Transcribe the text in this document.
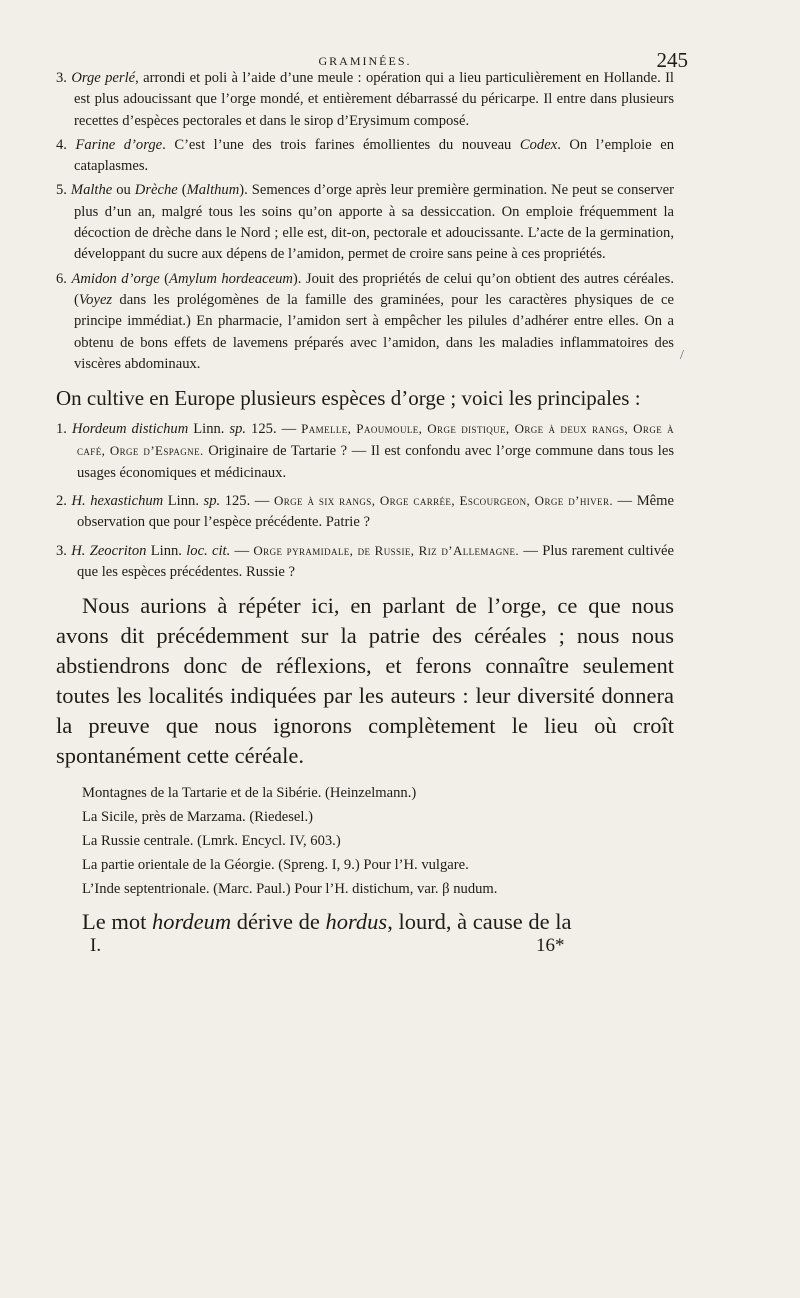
GRAMINÉES.	245

3. Orge perlé, arrondi et poli à l’aide d’une meule : opération qui a lieu particulièrement en Hollande. Il est plus adoucissant que l’orge mondé, et entièrement débarrassé du péricarpe. Il entre dans plusieurs recettes d’espèces pectorales et dans le sirop d’Erysimum composé.

4. Farine d’orge. C’est l’une des trois farines émollientes du nouveau Codex. On l’emploie en cataplasmes.

5. Malthe ou Drèche (Malthum). Semences d’orge après leur première germination. Ne peut se conserver plus d’un an, malgré tous les soins qu’on apporte à sa dessiccation. On emploie fréquemment la décoction de drèche dans le Nord ; elle est, dit-on, pectorale et adoucissante. L’acte de la germination, développant du sucre aux dépens de l’amidon, permet de croire sans peine à ces propriétés.

6. Amidon d’orge (Amylum hordeaceum). Jouit des propriétés de celui qu’on obtient des autres céréales. (Voyez dans les prolégomènes de la famille des graminées, pour les caractères physiques de ce principe immédiat.) En pharmacie, l’amidon sert à empêcher les pilules d’adhérer entre elles. On a obtenu de bons effets de lavemens préparés avec l’amidon, dans les maladies inflammatoires des viscères abdominaux.

On cultive en Europe plusieurs espèces d’orge ; voici les principales :

1. Hordeum distichum Linn. sp. 125. — Pamelle, Paoumoule, Orge distique, Orge à deux rangs, Orge à café, Orge d’Espagne. Originaire de Tartarie ? — Il est confondu avec l’orge commune dans tous les usages économiques et médicinaux.

2. H. hexastichum Linn. sp. 125. — Orge à six rangs, Orge carrée, Escourgeon, Orge d’hiver. — Même observation que pour l’espèce précédente. Patrie ?

3. H. Zeocriton Linn. loc. cit. — Orge pyramidale, de Russie, Riz d’Allemagne. — Plus rarement cultivée que les espèces précédentes. Russie ?

Nous aurions à répéter ici, en parlant de l’orge, ce que nous avons dit précédemment sur la patrie des céréales ; nous nous abstiendrons donc de réflexions, et ferons connaître seulement toutes les localités indiquées par les auteurs : leur diversité donnera la preuve que nous ignorons complètement le lieu où croît spontanément cette céréale.

Montagnes de la Tartarie et de la Sibérie. (Heinzelmann.)
La Sicile, près de Marzama. (Riedesel.)
La Russie centrale. (Lmrk. Encycl. IV, 603.)
La partie orientale de la Géorgie. (Spreng. I, 9.) Pour l’H. vulgare.
L’Inde septentrionale. (Marc. Paul.) Pour l’H. distichum, var. β nudum.
Le mot hordeum dérive de hordus, lourd, à cause de la
I.	16*
/
